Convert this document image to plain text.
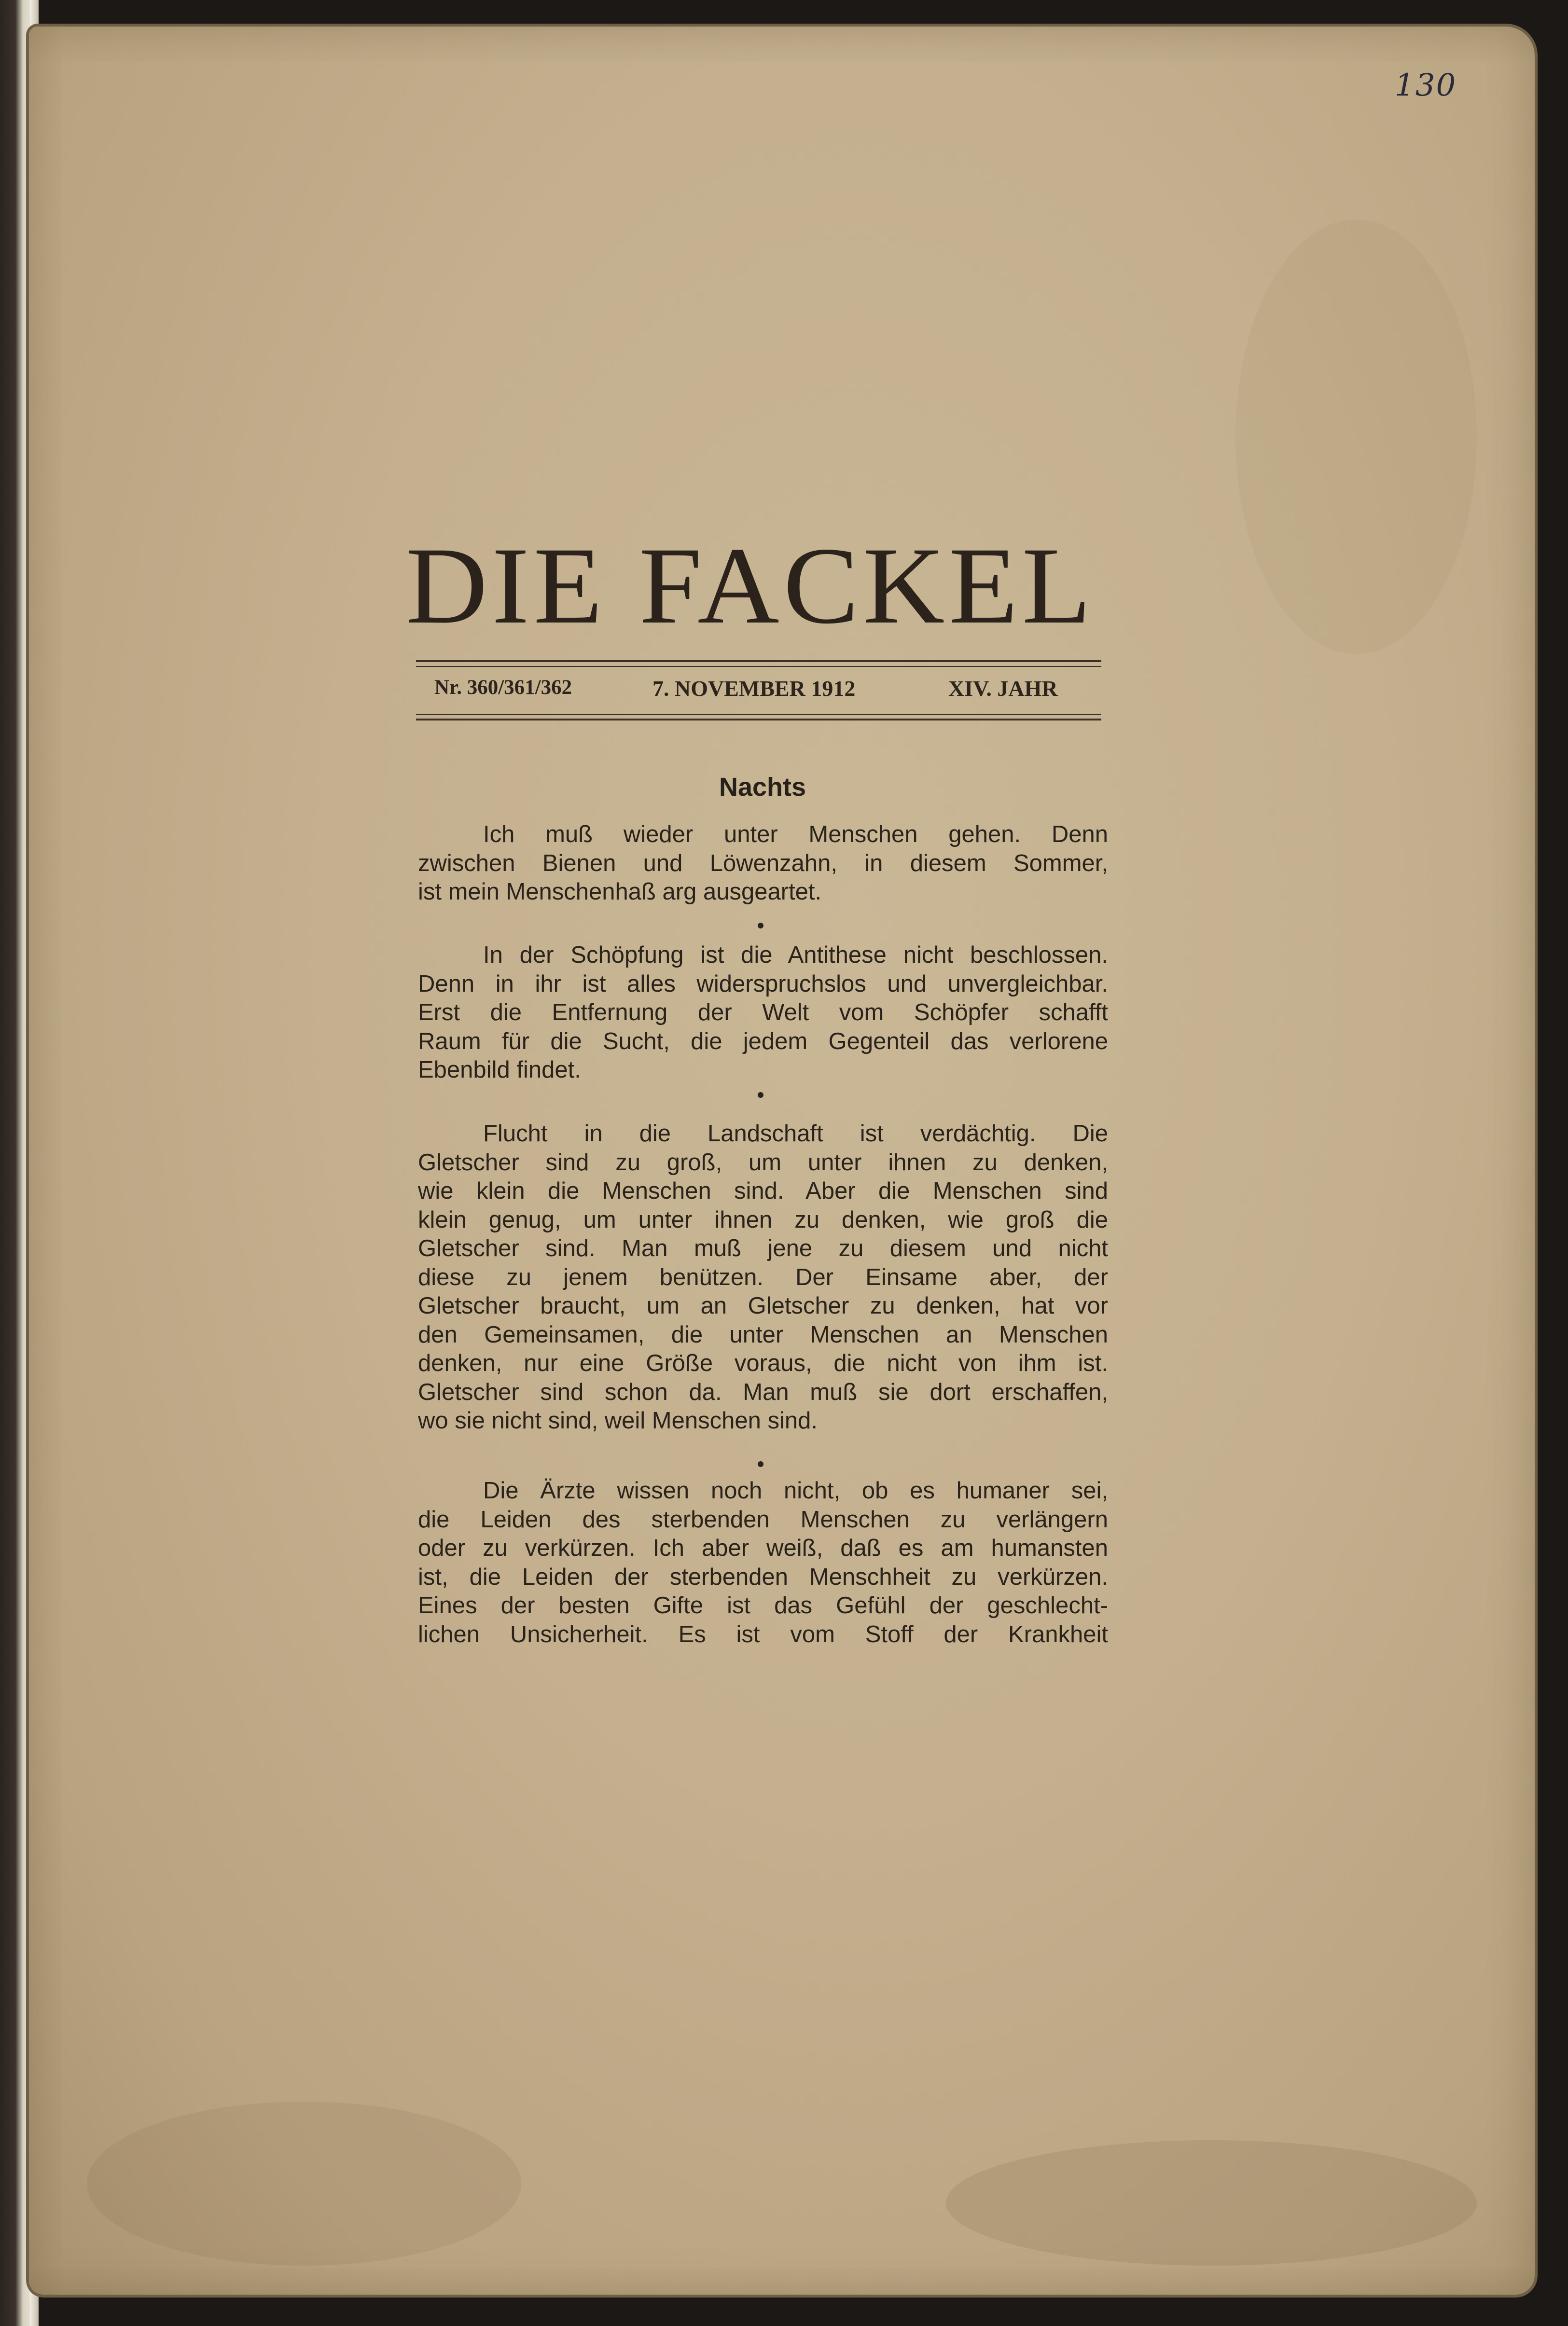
130
DIE FACKEL
Nr. 360/361/362	7. NOVEMBER 1912	XIV. JAHR
Nachts
Ich muß wieder unter Menschen gehen. Denn
zwischen Bienen und Löwenzahn, in diesem Sommer,
ist mein Menschenhaß arg ausgeartet.
In der Schöpfung ist die Antithese nicht beschlossen.
Denn in ihr ist alles widerspruchslos und unvergleichbar.
Erst die Entfernung der Welt vom Schöpfer schafft
Raum für die Sucht, die jedem Gegenteil das verlorene
Ebenbild findet.
Flucht in die Landschaft ist verdächtig. Die
Gletscher sind zu groß, um unter ihnen zu denken,
wie klein die Menschen sind. Aber die Menschen sind
klein genug, um unter ihnen zu denken, wie groß die
Gletscher sind. Man muß jene zu diesem und nicht
diese zu jenem benützen. Der Einsame aber, der
Gletscher braucht, um an Gletscher zu denken, hat vor
den Gemeinsamen, die unter Menschen an Menschen
denken, nur eine Größe voraus, die nicht von ihm ist.
Gletscher sind schon da. Man muß sie dort erschaffen,
wo sie nicht sind, weil Menschen sind.
Die Ärzte wissen noch nicht, ob es humaner sei,
die Leiden des sterbenden Menschen zu verlängern
oder zu verkürzen. Ich aber weiß, daß es am humansten
ist, die Leiden der sterbenden Menschheit zu verkürzen.
Eines der besten Gifte ist das Gefühl der geschlecht-
lichen Unsicherheit. Es ist vom Stoff der Krankheit
